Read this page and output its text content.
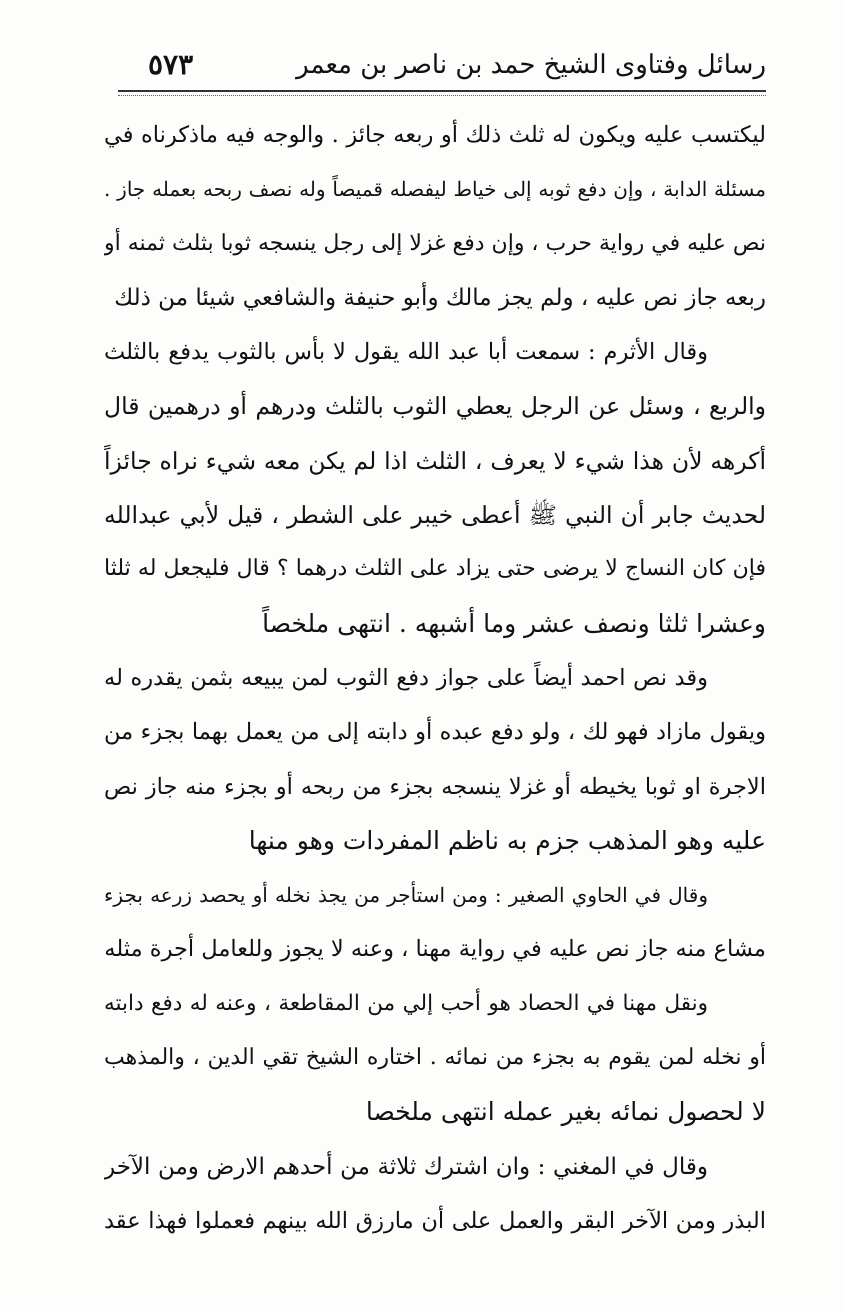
رسائل وفتاوى الشيخ حمد بن ناصر بن معمر
٥٧٣
ليكتسب عليه ويكون له ثلث ذلك أو ربعه جائز . والوجه فيه ماذكرناه في
مسئلة الدابة ، وإن دفع ثوبه إلى خياط ليفصله قميصاً وله نصف ربحه بعمله جاز .
نص عليه في رواية حرب ، وإن دفع غزلا إلى رجل ينسجه ثوبا بثلث ثمنه أو
ربعه جاز نص عليه ، ولم يجز مالك وأبو حنيفة والشافعي شيئا من ذلك
وقال الأثرم : سمعت أبا عبد الله يقول لا بأس بالثوب يدفع بالثلث
والربع ، وسئل عن الرجل يعطي الثوب بالثلث ودرهم أو درهمين قال
أكرهه لأن هذا شيء لا يعرف ، الثلث اذا لم يكن معه شيء نراه جائزاً
لحديث جابر أن النبي ﷺ أعطى خيبر على الشطر ، قيل لأبي عبدالله
فإن كان النساج لا يرضى حتى يزاد على الثلث درهما ؟ قال فليجعل له ثلثا
وعشرا ثلثا ونصف عشر وما أشبهه . انتهى ملخصاً
وقد نص احمد أيضاً على جواز دفع الثوب لمن يبيعه بثمن يقدره له
ويقول مازاد فهو لك ، ولو دفع عبده أو دابته إلى من يعمل بهما بجزء من
الاجرة او ثوبا يخيطه أو غزلا ينسجه بجزء من ربحه أو بجزء منه جاز نص
عليه وهو المذهب جزم به ناظم المفردات وهو منها
وقال في الحاوي الصغير : ومن استأجر من يجذ نخله أو يحصد زرعه بجزء
مشاع منه جاز نص عليه في رواية مهنا ، وعنه لا يجوز وللعامل أجرة مثله
ونقل مهنا في الحصاد هو أحب إلي من المقاطعة ، وعنه له دفع دابته
أو نخله لمن يقوم به بجزء من نمائه . اختاره الشيخ تقي الدين ، والمذهب
لا لحصول نمائه بغير عمله انتهى ملخصا
وقال في المغني : وان اشترك ثلاثة من أحدهم الارض ومن الآخر
البذر ومن الآخر البقر والعمل على أن مارزق الله بينهم فعملوا فهذا عقد
